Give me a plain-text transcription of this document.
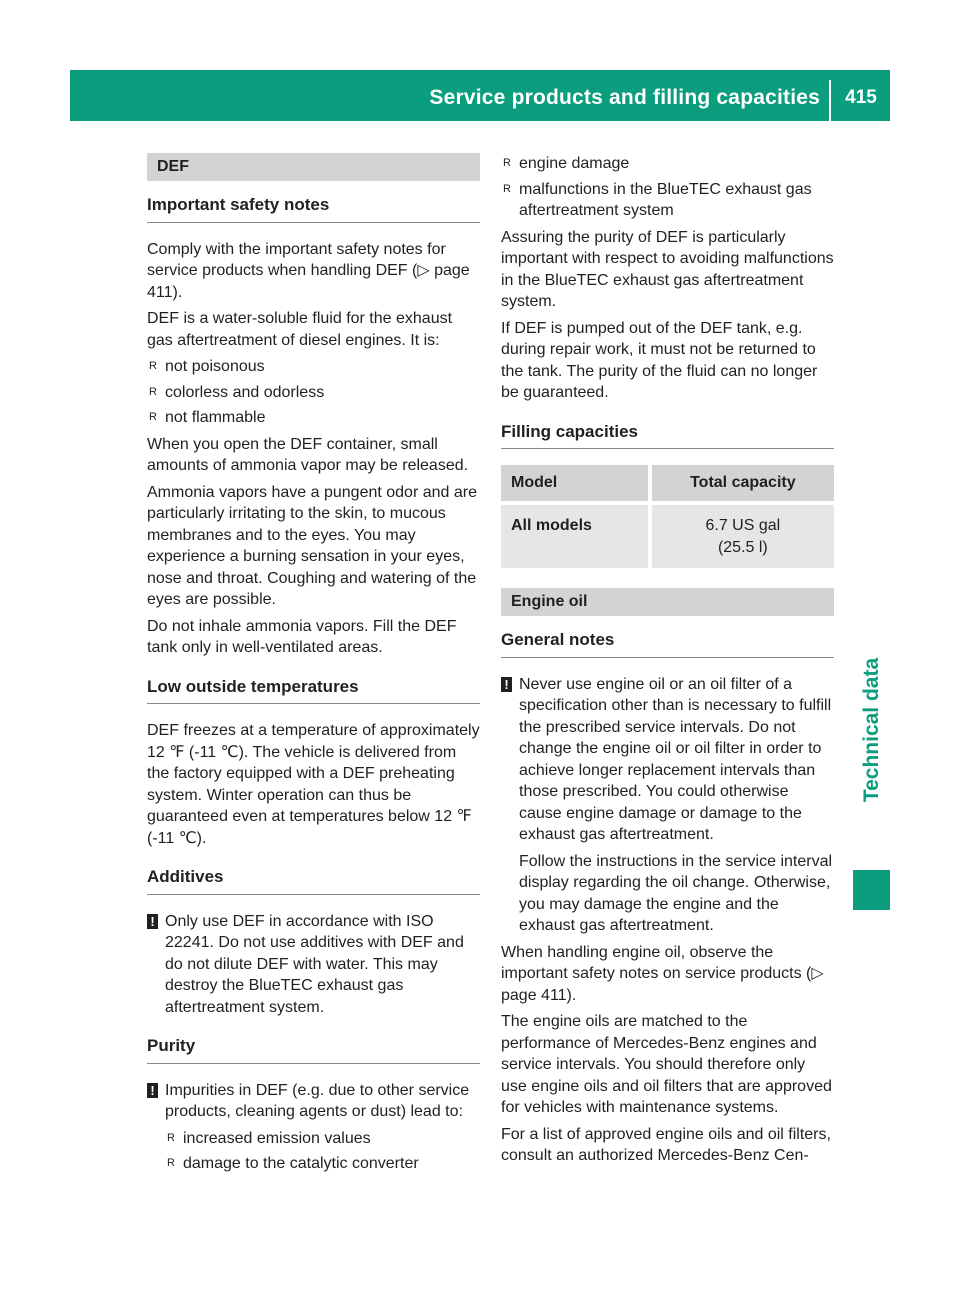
Service products and filling capacities	415
Technical data
DEF
Important safety notes

Comply with the important safety notes for service products when handling DEF (▷ page 411).

DEF is a water-soluble fluid for the exhaust gas aftertreatment of diesel engines. It is:

R not poisonous
R colorless and odorless
R not flammable

When you open the DEF container, small amounts of ammonia vapor may be released.

Ammonia vapors have a pungent odor and are particularly irritating to the skin, to mucous membranes and to the eyes. You may experience a burning sensation in your eyes, nose and throat. Coughing and watering of the eyes are possible.

Do not inhale ammonia vapors. Fill the DEF tank only in well-ventilated areas.

Low outside temperatures

DEF freezes at a temperature of approximately 12 ℉ (-11 ℃). The vehicle is delivered from the factory equipped with a DEF preheating system. Winter operation can thus be guaranteed even at temperatures below 12 ℉ (-11 ℃).

Additives
! Only use DEF in accordance with ISO 22241. Do not use additives with DEF and do not dilute DEF with water. This may destroy the BlueTEC exhaust gas aftertreatment system.

Purity
! Impurities in DEF (e.g. due to other service products, cleaning agents or dust) lead to:

R increased emission values
R damage to the catalytic converter
R engine damage
R malfunctions in the BlueTEC exhaust gas aftertreatment system

Assuring the purity of DEF is particularly important with respect to avoiding malfunctions in the BlueTEC exhaust gas aftertreatment system.

If DEF is pumped out of the DEF tank, e.g. during repair work, it must not be returned to the tank. The purity of the fluid can no longer be guaranteed.

Filling capacities
Model	Total capacity
All models	6.7 US gal
(25.5 l)
Engine oil
General notes
! Never use engine oil or an oil filter of a specification other than is necessary to fulfill the prescribed service intervals. Do not change the engine oil or oil filter in order to achieve longer replacement intervals than those prescribed. You could otherwise cause engine damage or damage to the exhaust gas aftertreatment.

Follow the instructions in the service interval display regarding the oil change. Otherwise, you may damage the engine and the exhaust gas aftertreatment.

When handling engine oil, observe the important safety notes on service products (▷ page 411).

The engine oils are matched to the performance of Mercedes-Benz engines and service intervals. You should therefore only use engine oils and oil filters that are approved for vehicles with maintenance systems.

For a list of approved engine oils and oil filters, consult an authorized Mercedes-Benz Cen-
